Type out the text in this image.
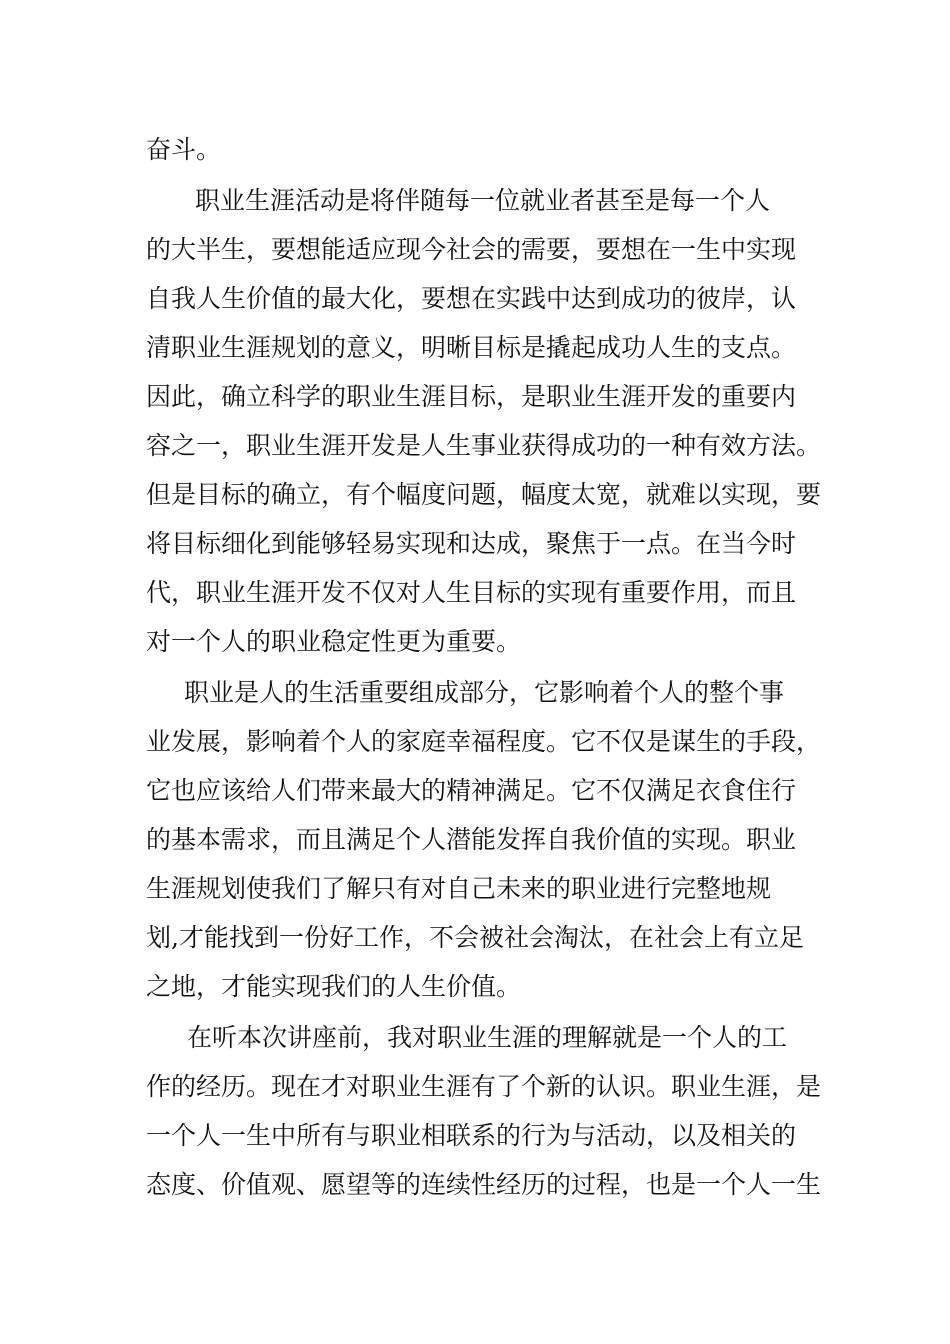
奋斗。
　职业生涯活动是将伴随每一位就业者甚至是每一个人
的大半生，要想能适应现今社会的需要，要想在一生中实现
自我人生价值的最大化，要想在实践中达到成功的彼岸，认
清职业生涯规划的意义，明晰目标是撬起成功人生的支点。
因此，确立科学的职业生涯目标，是职业生涯开发的重要内
容之一，职业生涯开发是人生事业获得成功的一种有效方法。
但是目标的确立，有个幅度问题，幅度太宽，就难以实现，要
将目标细化到能够轻易实现和达成，聚焦于一点。在当今时
代，职业生涯开发不仅对人生目标的实现有重要作用，而且
对一个人的职业稳定性更为重要。
职业是人的生活重要组成部分，它影响着个人的整个事
业发展，影响着个人的家庭幸福程度。它不仅是谋生的手段，
它也应该给人们带来最大的精神满足。它不仅满足衣食住行
的基本需求，而且满足个人潜能发挥自我价值的实现。职业
生涯规划使我们了解只有对自己未来的职业进行完整地规
划,才能找到一份好工作，不会被社会淘汰，在社会上有立足
之地，才能实现我们的人生价值。
在听本次讲座前，我对职业生涯的理解就是一个人的工
作的经历。现在才对职业生涯有了个新的认识。职业生涯，是
一个人一生中所有与职业相联系的行为与活动，以及相关的
态度、价值观、愿望等的连续性经历的过程，也是一个人一生
